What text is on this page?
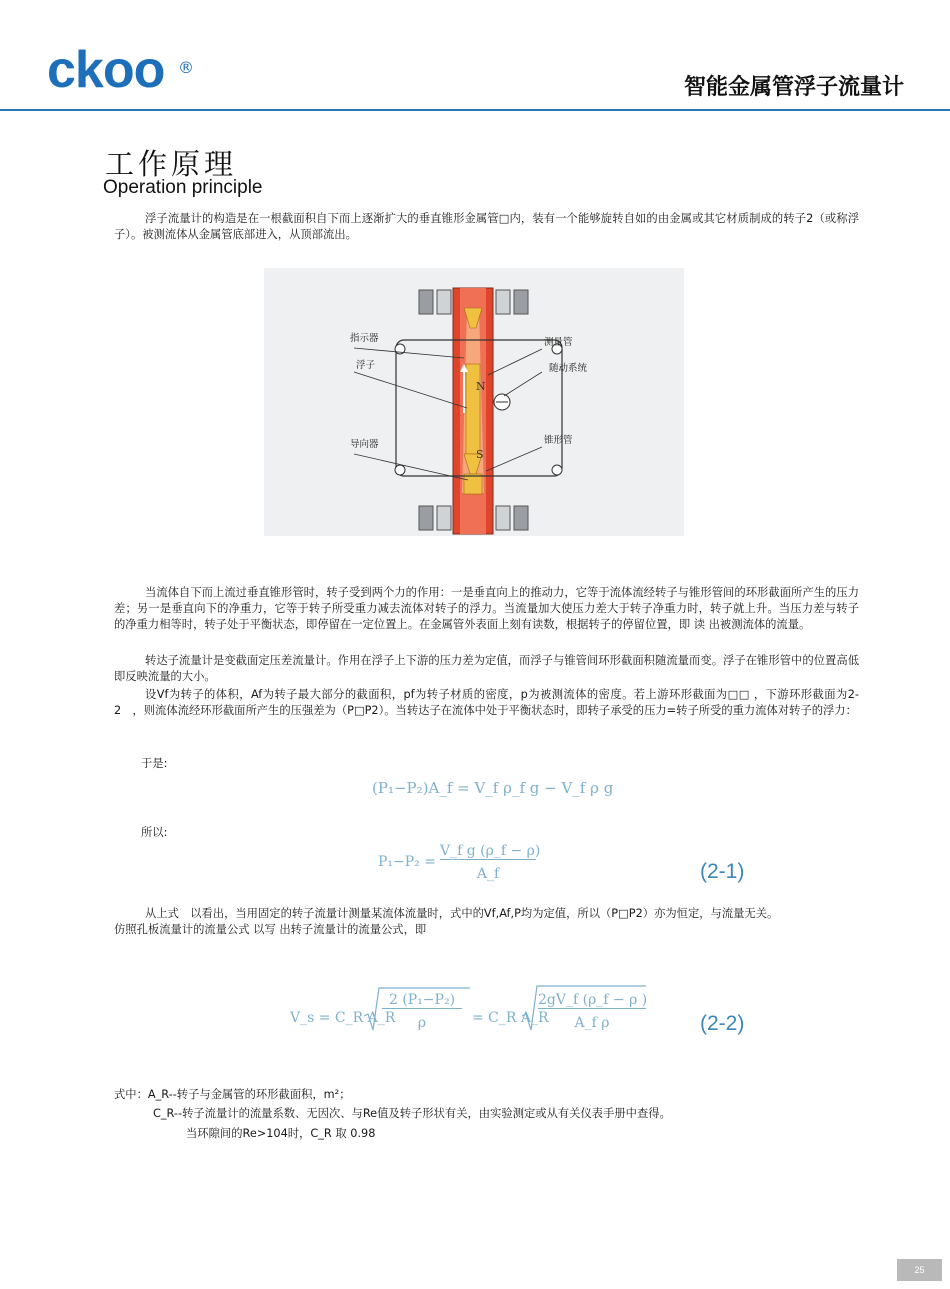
ckoo ®
智能金属管浮子流量计
工作原理
Operation principle
浮子流量计的构造是在一根截面积自下而上逐渐扩大的垂直锥形金属管□内，装有一个能够旋转自如的由金属或其它材质制成的转子2（或称浮子）。被测流体从金属管底部进入，从顶部流出。
N
S
指示器
浮子
导向器
测量管
随动系统
锥形管
当流体自下而上流过垂直锥形管时，转子受到两个力的作用：一是垂直向上的推动力，它等于流体流经转子与锥形管间的环形截面所产生的压力差；另一是垂直向下的净重力，它等于转子所受重力减去流体对转子的浮力。当流量加大使压力差大于转子净重力时，转子就上升。当压力差与转子的净重力相等时，转子处于平衡状态，即停留在一定位置上。在金属管外表面上刻有读数，根据转子的停留位置，即 读 出被测流体的流量。
转达子流量计是变截面定压差流量计。作用在浮子上下游的压力差为定值，而浮子与锥管间环形截面积随流量而变。浮子在锥形管中的位置高低即反映流量的大小。
设Vf为转子的体积，Af为转子最大部分的截面积，pf为转子材质的密度，p为被测流体的密度。若上游环形截面为□□ ，下游环形截面为2-2　，则流体流经环形截面所产生的压强差为（P□P2）。当转达子在流体中处于平衡状态时，即转子承受的压力=转子所受的重力流体对转子的浮力：
于是:
(P₁−P₂)A_f = V_f ρ_f g − V_f ρ g
所以:
P₁−P₂ =
V_f g (ρ_f − ρ)
A_f	(2-1)
从上式　以看出，当用固定的转子流量计测量某流体流量时，式中的Vf,Af,P均为定值，所以（P□P2）亦为恒定，与流量无关。
仿照孔板流量计的流量公式 以写 出转子流量计的流量公式，即
V_s = C_R A_R
2 (P₁−P₂)
ρ	= C_R A_R
2gV_f (ρ_f − ρ )
A_f ρ	(2-2)
式中：A_R--转子与金属管的环形截面积，m²；
C_R--转子流量计的流量系数、无因次、与Re值及转子形状有关，由实验测定或从有关仪表手册中查得。
当环隙间的Re>104时，C_R 取 0.98
25
